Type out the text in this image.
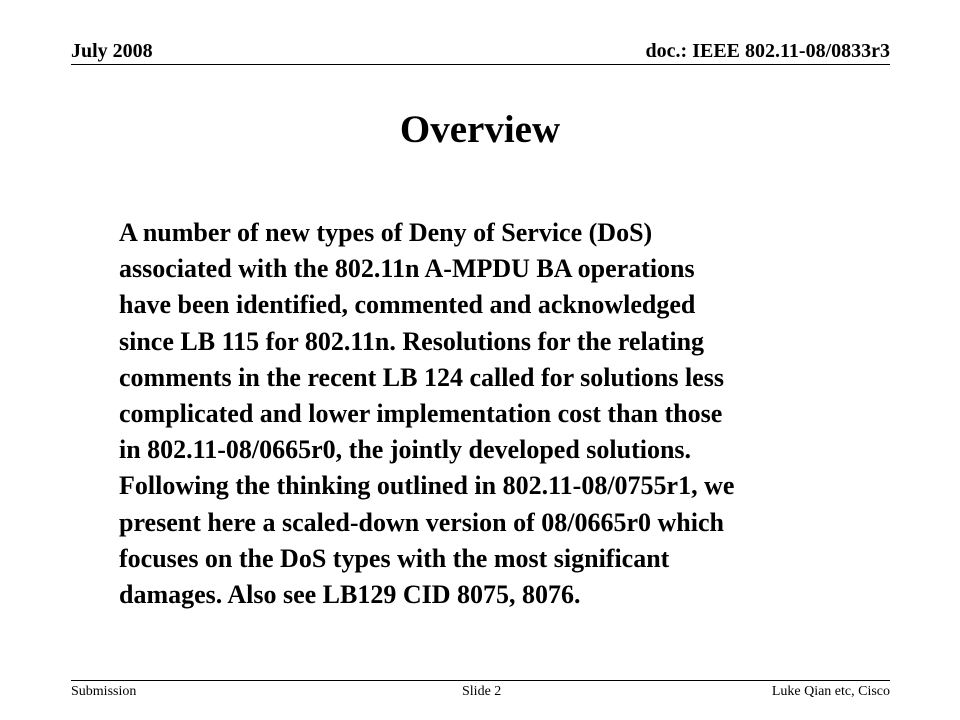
July 2008	doc.: IEEE 802.11-08/0833r3
Overview
A number of new types of Deny of Service (DoS)
associated with the 802.11n A-MPDU BA operations
have been identified, commented and acknowledged
since LB 115 for 802.11n. Resolutions for the relating
comments in the recent LB 124 called for solutions less
complicated and lower implementation cost than those
in 802.11-08/0665r0, the jointly developed solutions.
Following the thinking outlined in 802.11-08/0755r1, we
present here a scaled-down version of 08/0665r0 which
focuses on the DoS types with the most significant
damages. Also see LB129 CID 8075, 8076.
Submission	Slide 2	Luke Qian etc, Cisco
